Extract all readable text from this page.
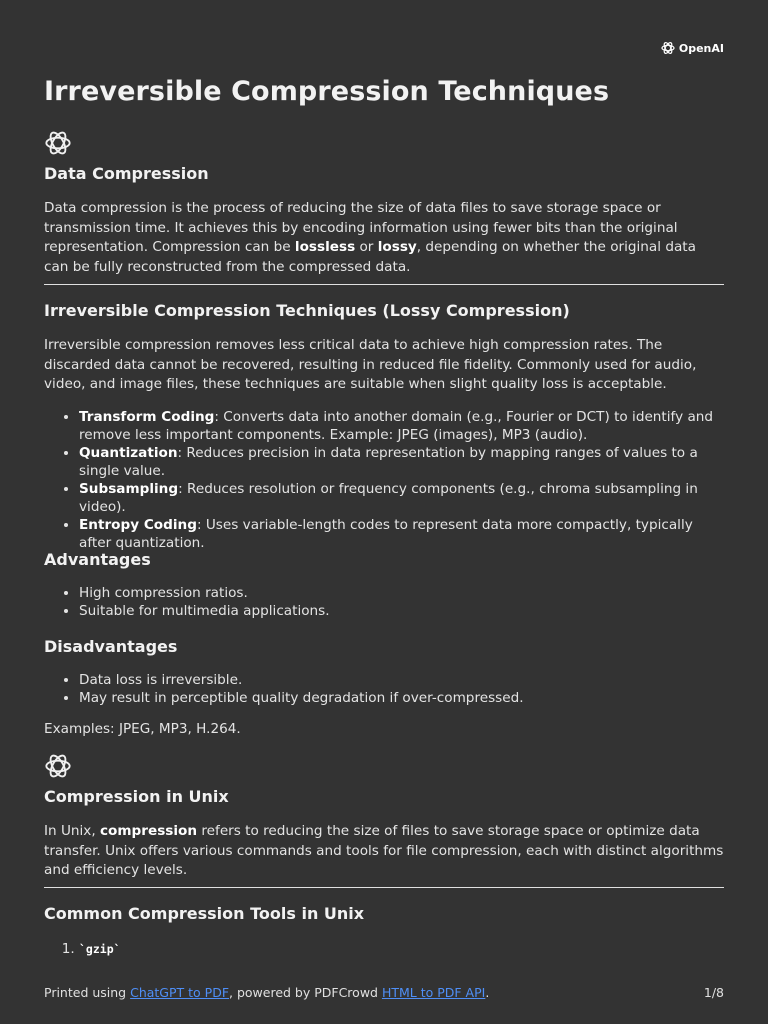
OpenAI
Irreversible Compression Techniques
Data Compression

Data compression is the process of reducing the size of data files to save storage space or transmission time. It achieves this by encoding information using fewer bits than the original representation. Compression can be lossless or lossy, depending on whether the original data can be fully reconstructed from the compressed data.

Irreversible Compression Techniques (Lossy Compression)

Irreversible compression removes less critical data to achieve high compression rates. The discarded data cannot be recovered, resulting in reduced file fidelity. Commonly used for audio, video, and image files, these techniques are suitable when slight quality loss is acceptable.

• Transform Coding: Converts data into another domain (e.g., Fourier or DCT) to identify and remove less important components. Example: JPEG (images), MP3 (audio).
• Quantization: Reduces precision in data representation by mapping ranges of values to a single value.
• Subsampling: Reduces resolution or frequency components (e.g., chroma subsampling in video).
• Entropy Coding: Uses variable-length codes to represent data more compactly, typically after quantization.
Advantages
• High compression ratios.
• Suitable for multimedia applications.
Disadvantages
• Data loss is irreversible.
• May result in perceptible quality degradation if over-compressed.

Examples: JPEG, MP3, H.264.

Compression in Unix

In Unix, compression refers to reducing the size of files to save storage space or optimize data transfer. Unix offers various commands and tools for file compression, each with distinct algorithms and efficiency levels.

Common Compression Tools in Unix
1. `gzip`
Printed using ChatGPT to PDF, powered by PDFCrowd HTML to PDF API.	1/8
